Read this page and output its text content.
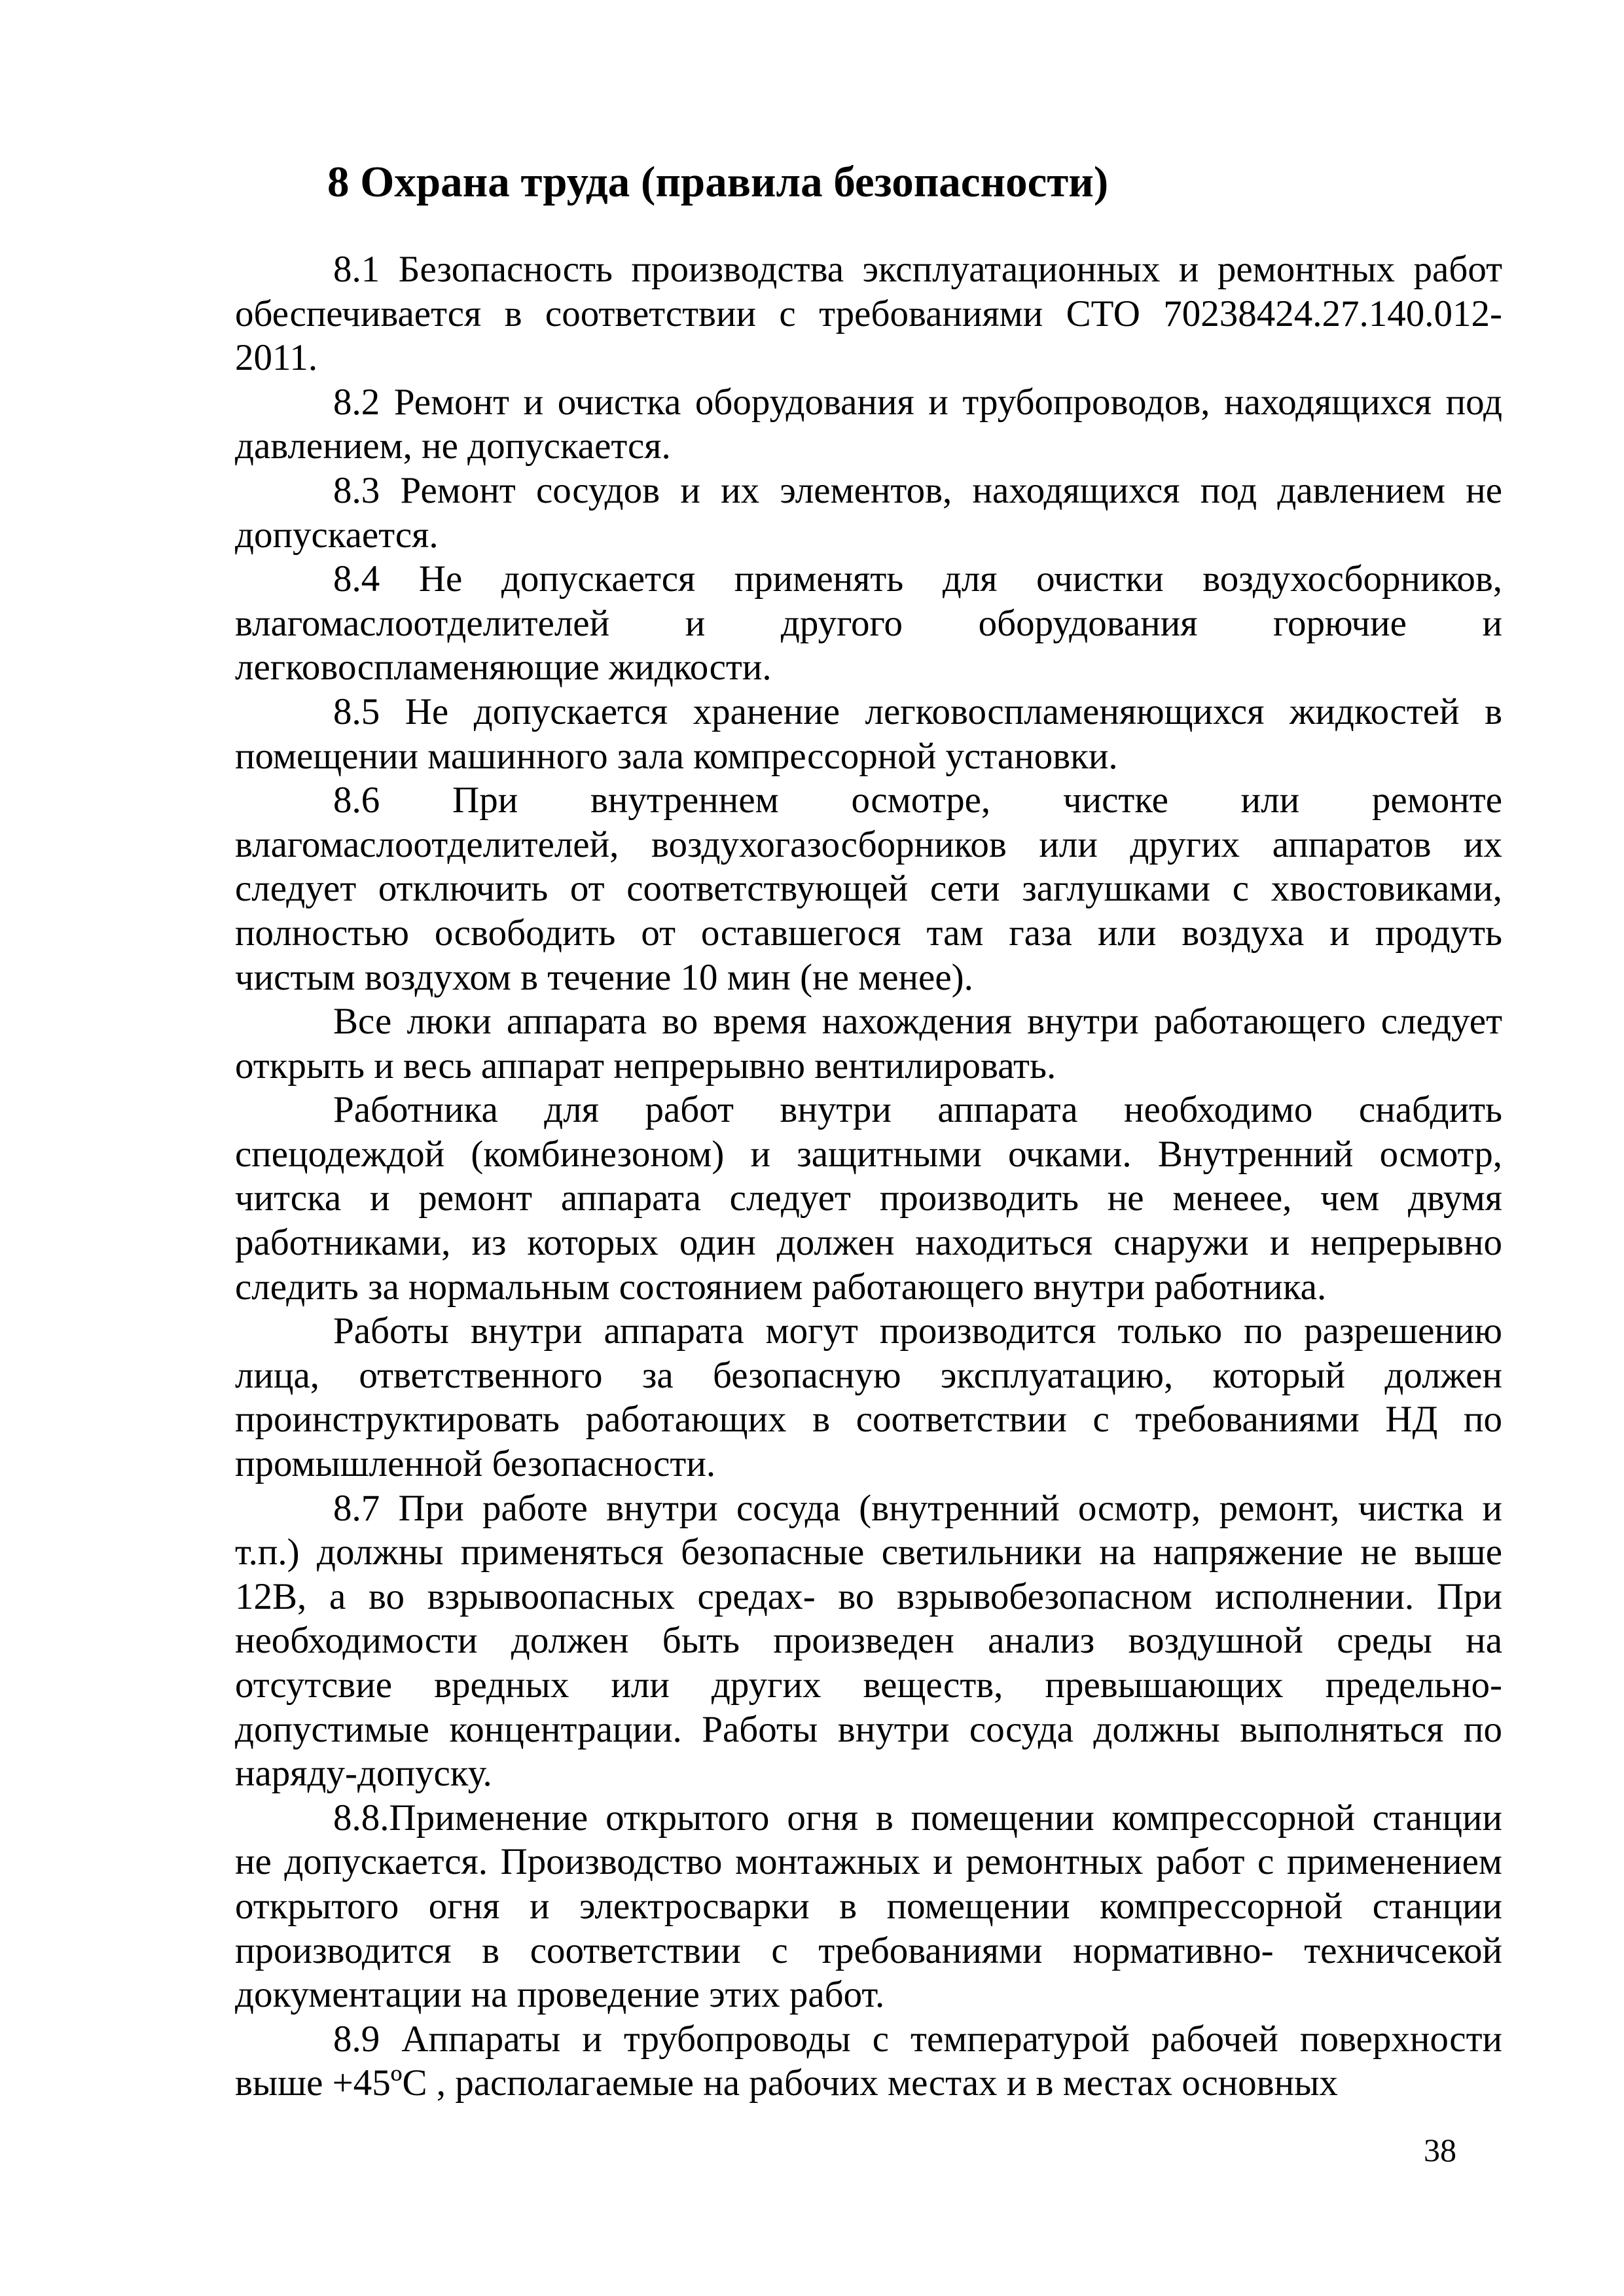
8 Охрана труда (правила безопасности)
8.1 Безопасность производства эксплуатационных и ремонтных работ
обеспечивается в соответствии с требованиями СТО 70238424.27.140.012-
2011.
8.2 Ремонт и очистка оборудования и трубопроводов, находящихся под
давлением, не допускается.
8.3 Ремонт сосудов и их элементов, находящихся под давлением не
допускается.
8.4 Не допускается применять для очистки воздухосборников,
влагомаслоотделителей и другого оборудования горючие и
легковоспламеняющие жидкости.
8.5 Не допускается хранение легковоспламеняющихся жидкостей в
помещении машинного зала компрессорной установки.
8.6 При внутреннем осмотре, чистке или ремонте
влагомаслоотделителей, воздухогазосборников или других аппаратов их
следует отключить от соответствующей сети заглушками с хвостовиками,
полностью освободить от оставшегося там газа или воздуха и продуть
чистым воздухом в течение 10 мин (не менее).
Все люки аппарата во время нахождения внутри работающего следует
открыть и весь аппарат непрерывно вентилировать.
Работника для работ внутри аппарата необходимо снабдить
спецодеждой (комбинезоном) и защитными очками. Внутренний осмотр,
читска и ремонт аппарата следует производить не менеее, чем двумя
работниками, из которых один должен находиться снаружи и непрерывно
следить за нормальным состоянием работающего внутри работника.
Работы внутри аппарата могут производится только по разрешению
лица, ответственного за безопасную эксплуатацию, который должен
проинструктировать работающих в соответствии с требованиями НД по
промышленной безопасности.
8.7 При работе внутри сосуда (внутренний осмотр, ремонт, чистка и
т.п.) должны применяться безопасные светильники на напряжение не выше
12В, а во взрывоопасных средах- во взрывобезопасном исполнении. При
необходимости должен быть произведен анализ воздушной среды на
отсутсвие вредных или других веществ, превышающих предельно-
допустимые концентрации. Работы внутри сосуда должны выполняться по
наряду-допуску.
8.8.Применение открытого огня в помещении компрессорной станции
не допускается. Производство монтажных и ремонтных работ с применением
открытого огня и электросварки в помещении компрессорной станции
производится в соответствии с требованиями нормативно- техничсекой
документации на проведение этих работ.
8.9 Аппараты и трубопроводы с температурой рабочей поверхности
выше +45ºС , располагаемые на рабочих местах и в местах основных
38
